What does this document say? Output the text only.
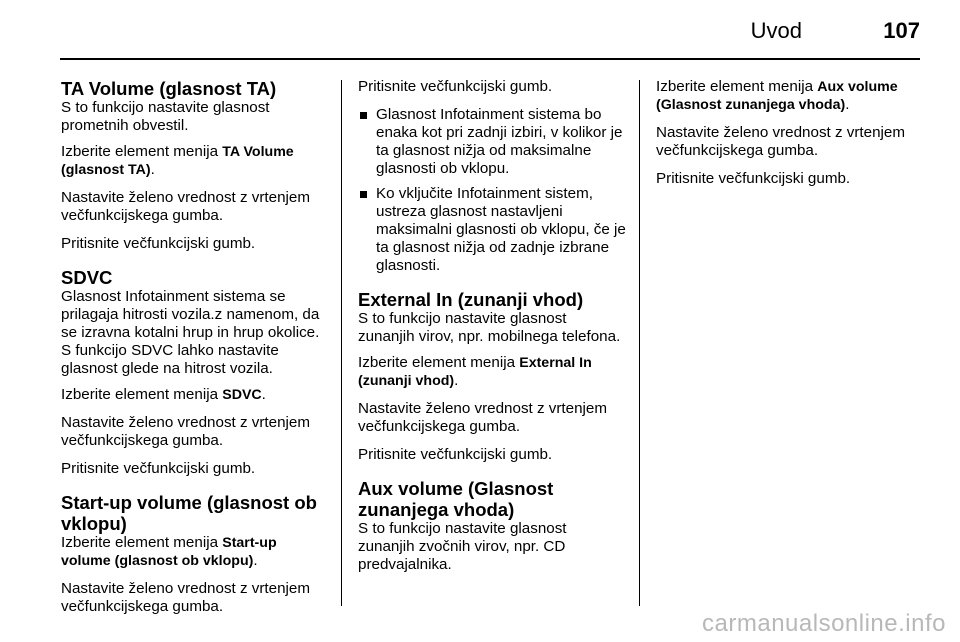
Uvod	107
TA Volume (glasnost TA)

S to funkcijo nastavite glasnost prometnih obvestil.

Izberite element menija TA Volume (glasnost TA).

Nastavite želeno vrednost z vrtenjem večfunkcijskega gumba.

Pritisnite večfunkcijski gumb.

SDVC

Glasnost Infotainment sistema se prilagaja hitrosti vozila.z namenom, da se izravna kotalni hrup in hrup okolice. S funkcijo SDVC lahko nastavite glasnost glede na hitrost vozila.

Izberite element menija SDVC.

Nastavite želeno vrednost z vrtenjem večfunkcijskega gumba.

Pritisnite večfunkcijski gumb.

Start-up volume (glasnost ob vklopu)

Izberite element menija Start-up volume (glasnost ob vklopu).

Nastavite želeno vrednost z vrtenjem večfunkcijskega gumba.

Pritisnite večfunkcijski gumb.

Glasnost Infotainment sistema bo enaka kot pri zadnji izbiri, v kolikor je ta glasnost nižja od maksimalne glasnosti ob vklopu.
Ko vključite Infotainment sistem, ustreza glasnost nastavljeni maksimalni glasnosti ob vklopu, če je ta glasnost nižja od zadnje izbrane glasnosti.
External In (zunanji vhod)

S to funkcijo nastavite glasnost zunanjih virov, npr. mobilnega telefona.

Izberite element menija External In (zunanji vhod).

Nastavite želeno vrednost z vrtenjem večfunkcijskega gumba.

Pritisnite večfunkcijski gumb.

Aux volume (Glasnost zunanjega vhoda)

S to funkcijo nastavite glasnost zunanjih zvočnih virov, npr. CD predvajalnika.

Izberite element menija Aux volume (Glasnost zunanjega vhoda).

Nastavite želeno vrednost z vrtenjem večfunkcijskega gumba.

Pritisnite večfunkcijski gumb.

carmanualsonline.info
